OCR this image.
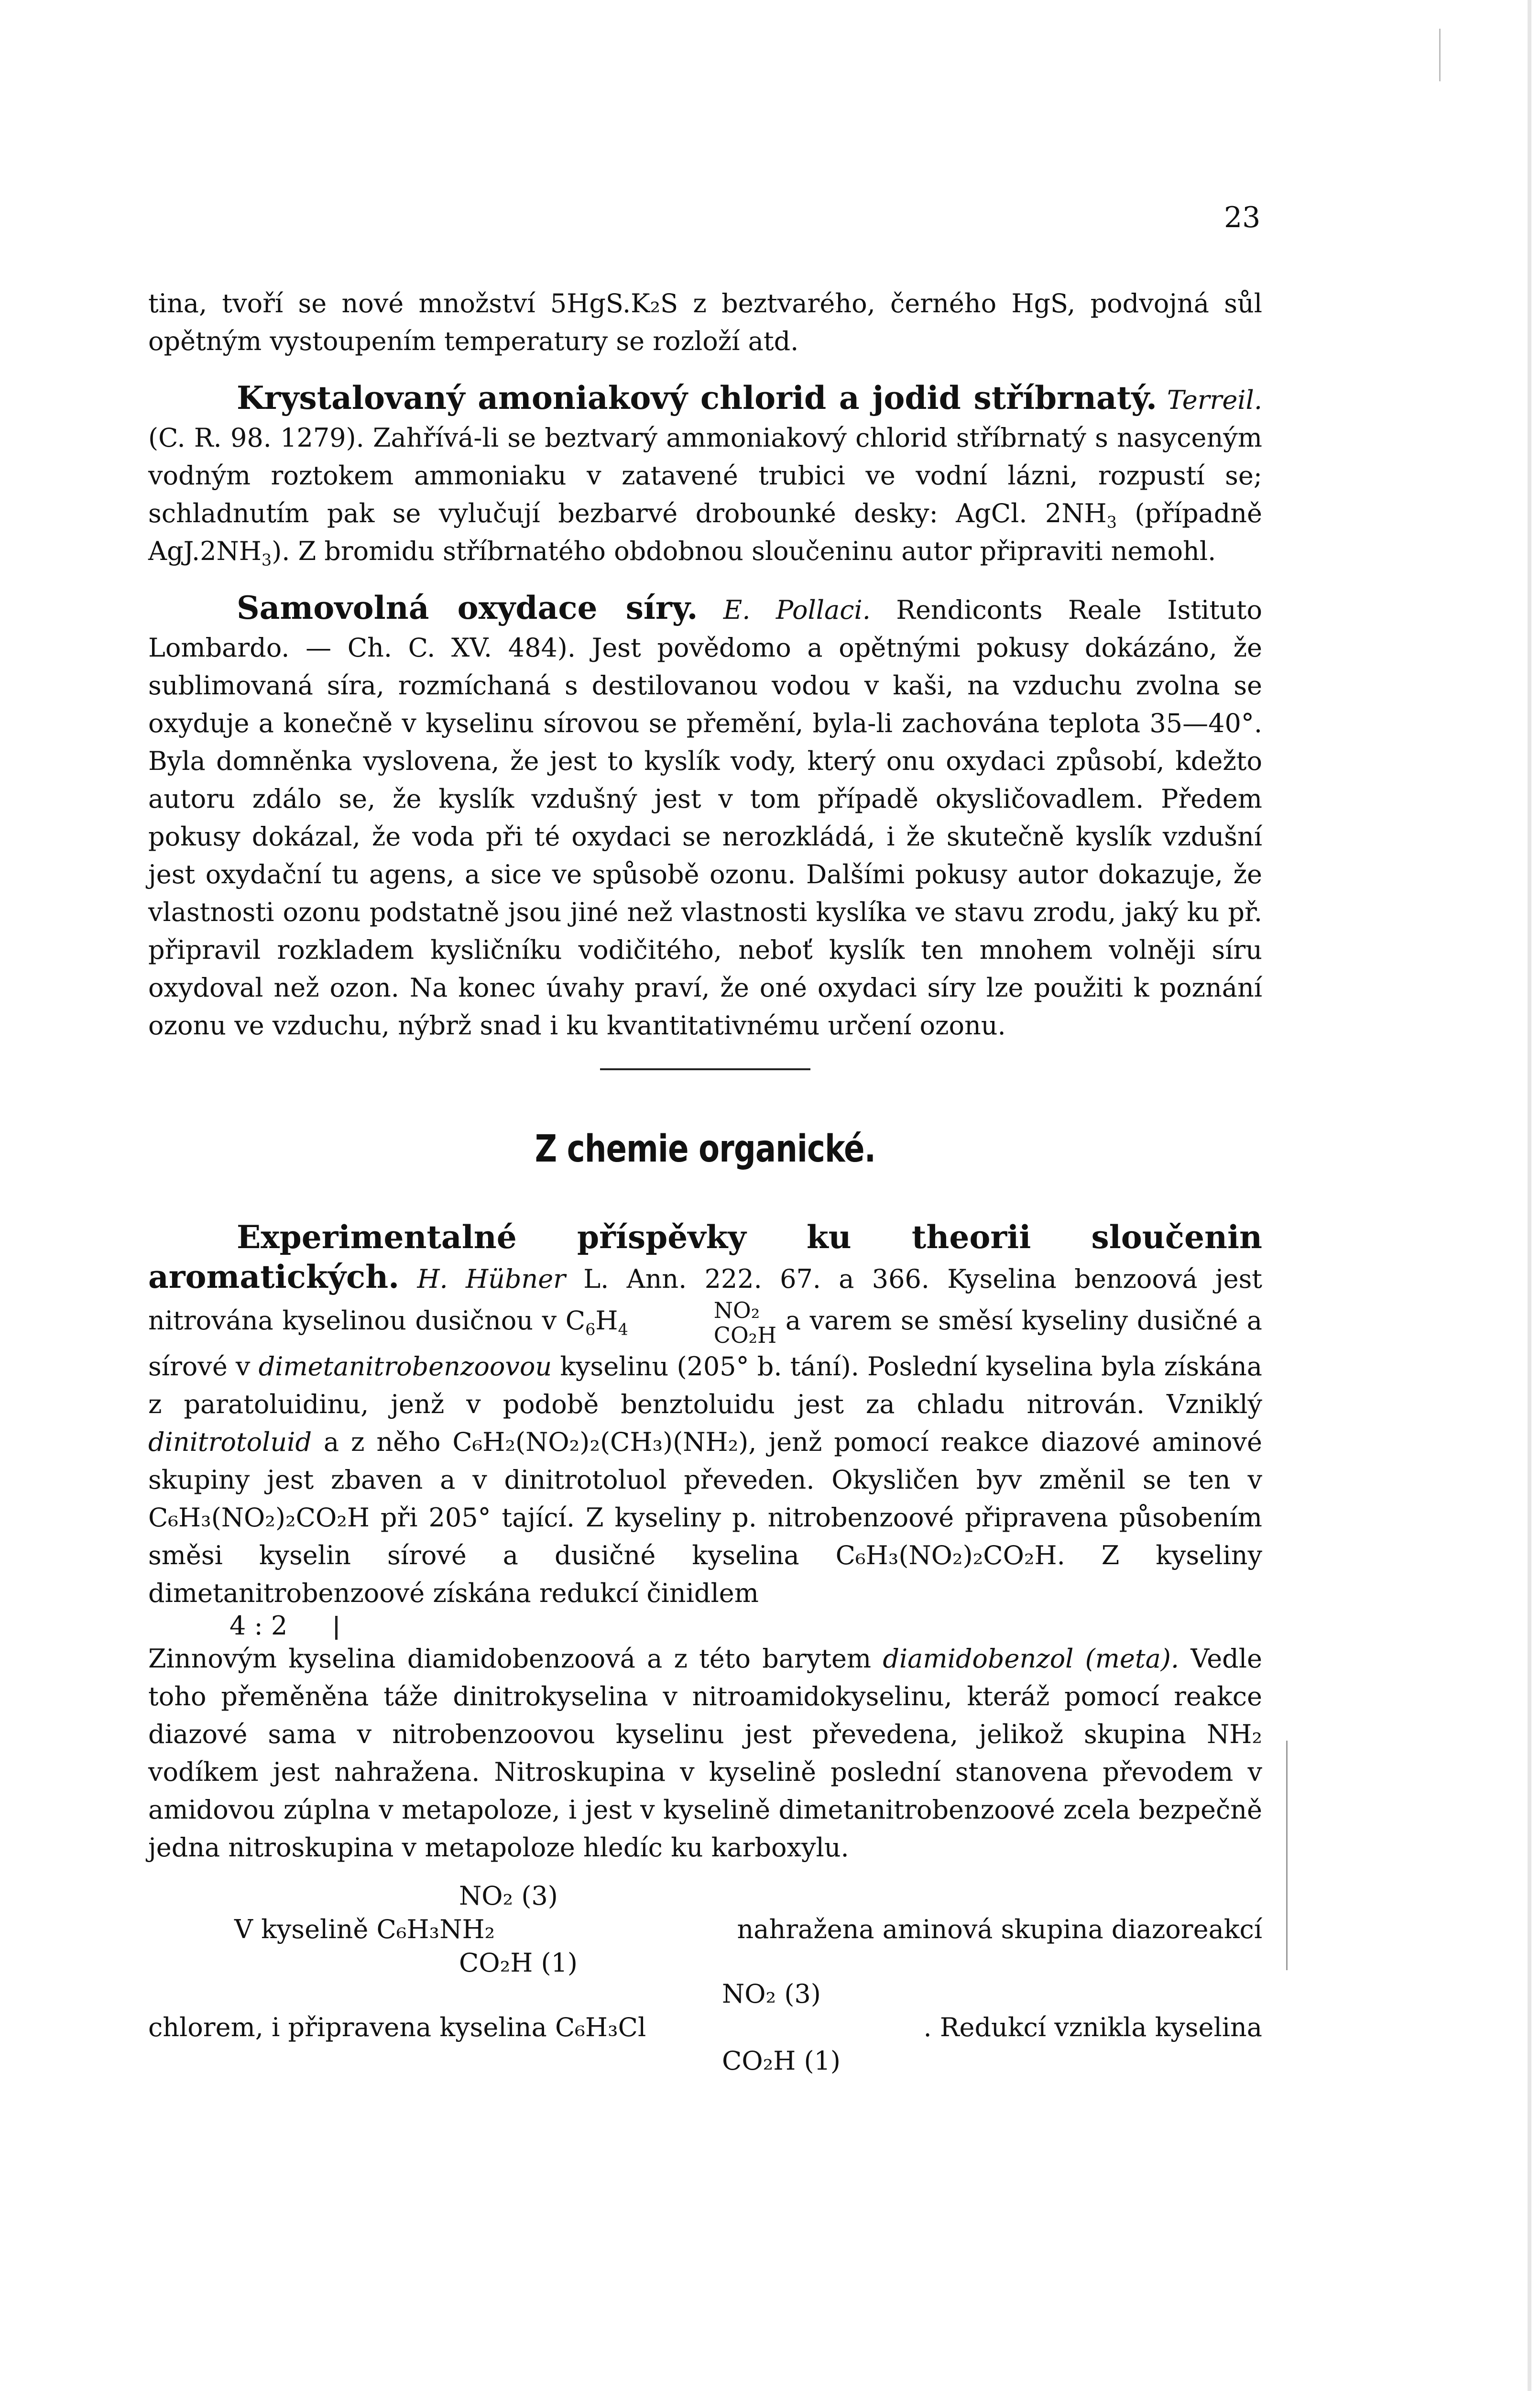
23

tina, tvoří se nové množství 5HgS.K₂S z beztvarého, černého HgS, podvojná sůl opětným vystoupením temperatury se rozloží atd.

Krystalovaný amoniakový chlorid a jodid stříbrnatý. Terreil. (C. R. 98. 1279). Zahřívá-li se beztvarý ammoniakový chlorid stříbrnatý s nasyceným vodným roztokem ammoniaku v zatavené trubici ve vodní lázni, rozpustí se; schladnutím pak se vylučují bezbarvé drobounké desky: AgCl. $2NH_3$ (případně $AgJ.2NH_3$). Z bromidu stříbrnatého obdobnou sloučeninu autor připraviti nemohl.

Samovolná oxydace síry. E. Pollaci. Rendiconts Reale Istituto Lombardo. — Ch. C. XV. 484). Jest povědomo a opětnými pokusy dokázáno, že sublimovaná síra, rozmíchaná s destilovanou vodou v kaši, na vzduchu zvolna se oxyduje a konečně v kyselinu sírovou se přemění, byla-li zachována teplota 35—40°. Byla domněnka vyslovena, že jest to kyslík vody, který onu oxydaci způsobí, kdežto autoru zdálo se, že kyslík vzdušný jest v tom případě okysličovadlem. Předem pokusy dokázal, že voda při té oxydaci se nerozkládá, i že skutečně kyslík vzdušní jest oxydační tu agens, a sice ve spůsobě ozonu. Dalšími pokusy autor dokazuje, že vlastnosti ozonu podstatně jsou jiné než vlastnosti kyslíka ve stavu zrodu, jaký ku př. připravil rozkladem kysličníku vodičitého, neboť kyslík ten mnohem volněji síru oxydoval než ozon. Na konec úvahy praví, že oné oxydaci síry lze použiti k poznání ozonu ve vzduchu, nýbrž snad i ku kvantitativnému určení ozonu.

Z chemie organické.

Experimentalné příspěvky ku theorii sloučenin aromatických. H. Hübner L. Ann. 222. 67. a 366. Kyselina benzoová jest nitrována kyselinou dusičnou v $C_6H_4$
NO₂
CO₂H a varem se směsí kyseliny dusičné a sírové v dimetanitrobenzoovou kyselinu (205° b. tání). Poslední kyselina byla získána z paratoluidinu, jenž v podobě benztoluidu jest za chladu nitrován. Vzniklý dinitrotoluid a z něho C₆H₂(NO₂)₂(CH₃)(NH₂), jenž pomocí reakce diazové aminové skupiny jest zbaven a v dinitrotoluol převeden. Okysličen byv změnil se ten v C₆H₃(NO₂)₂CO₂H při 205° tající. Z kyseliny p. nitrobenzoové připravena působením směsi kyselin sírové a dusičné kyselina C₆H₃(NO₂)₂CO₂H. Z kyseliny dimetanitrobenzoové získána redukcí činidlem

4 : 2

Zinnovým kyselina diamidobenzoová a z této barytem diamidobenzol (meta). Vedle toho přeměněna táže dinitrokyselina v nitroamidokyselinu, kteráž pomocí reakce diazové sama v nitrobenzoovou kyselinu jest převedena, jelikož skupina NH₂ vodíkem jest nahražena. Nitroskupina v kyselině poslední stanovena převodem v amidovou zúplna v metapoloze, i jest v kyselině dimetanitrobenzoové zcela bezpečně jedna nitroskupina v metapoloze hledíc ku karboxylu.

NO₂ (3)
V kyselině C₆H₃NH₂	nahražena aminová skupina diazoreakcí
CO₂H (1)
NO₂ (3)
chlorem, i připravena kyselina C₆H₃Cl	. Redukcí vznikla kyselina
CO₂H (1)
